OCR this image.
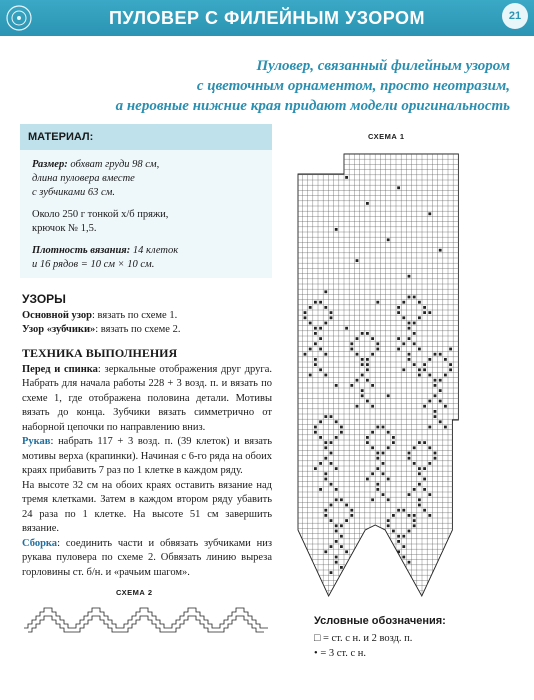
ПУЛОВЕР С ФИЛЕЙНЫМ УЗОРОМ	21
Пуловер, связанный филейным узором
с цветочным орнаментом, просто неотразим,
а неровные нижние края придают модели оригинальность
МАТЕРИАЛ:

Размер: обхват груди 98 см,
длина пуловера вместе
с зубчиками 63 см.

Около 250 г тонкой х/б пряжи,
крючок № 1,5.

Плотность вязания: 14 клеток
и 16 рядов = 10 см × 10 см.

УЗОРЫ
Основной узор: вязать по схеме 1.
Узор «зубчики»: вязать по схеме 2.
ТЕХНИКА ВЫПОЛНЕНИЯ

Перед и спинка: зеркальные отображения друг друга. Набрать для начала работы 228 + 3 возд. п. и вязать по схеме 1, где отображена половина детали. Мотивы вязать до конца. Зубчики вязать симметрично от наборной цепочки по направлению вниз.

Рукав: набрать 117 + 3 возд. п. (39 клеток) и вязать мотивы верха (крапинки). Начиная с 6-го ряда на обоих краях прибавить 7 раз по 1 клетке в каждом ряду.

На высоте 32 см на обоих краях оставить вязание над тремя клетками. Затем в каждом втором ряду убавить 24 раза по 1 клетке. На высоте 51 см завершить вязание.

Сборка: соединить части и обвязать зубчиками низ рукава пуловера по схеме 2. Обвязать линию выреза горловины ст. б/н. и «рачьим шагом».

СХЕМА 2
СХЕМА 1
Условные обозначения:
□ = ст. с н. и 2 возд. п.
• = 3 ст. с н.
